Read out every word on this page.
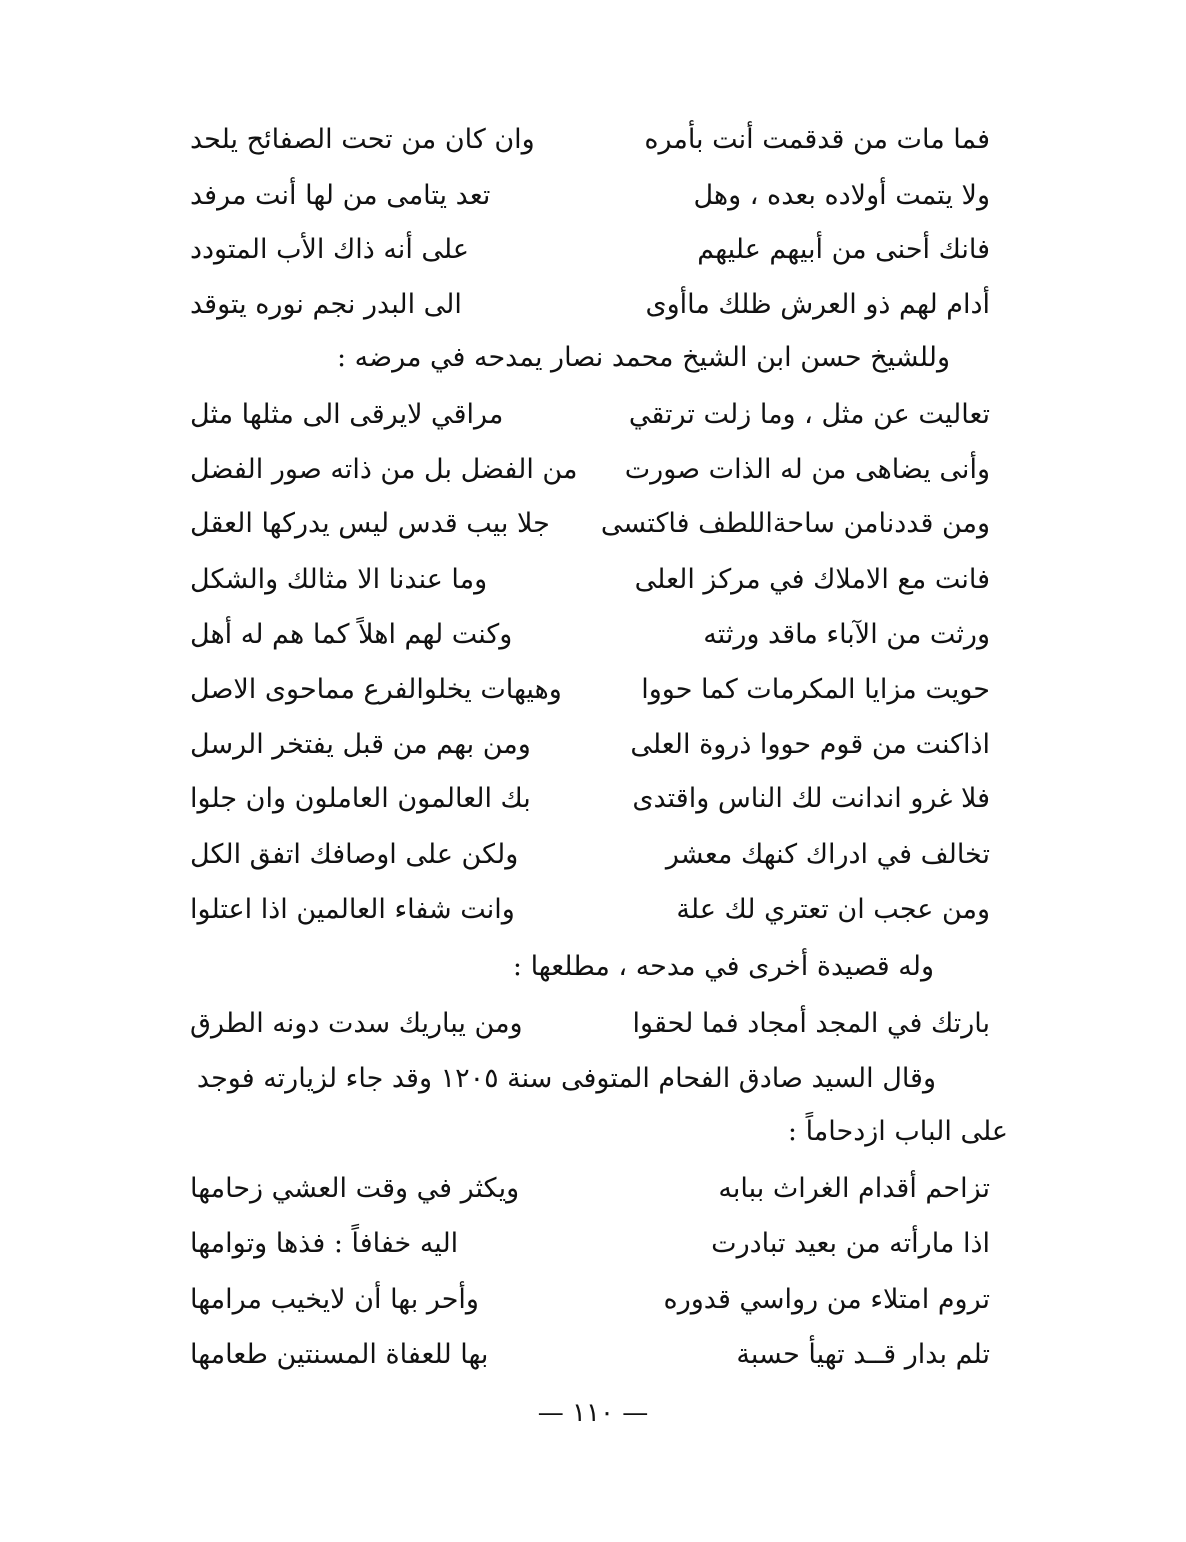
فما مات من قدقمت أنت بأمره
وان كان من تحت الصفائح يلحد
ولا يتمت أولاده بعده ، وهل
تعد يتامى من لها أنت مرفد
فانك أحنى من أبيهم عليهم
على أنه ذاك الأب المتودد
أدام لهم ذو العرش ظلك ماأوى
الى البدر نجم نوره يتوقد
وللشيخ حسن ابن الشيخ محمد نصار يمدحه في مرضه :
تعاليت عن مثل ، وما زلت ترتقي
مراقي لايرقى الى مثلها مثل
وأنى يضاهى من له الذات صورت
من الفضل بل من ذاته صور الفضل
ومن قددنامن ساحةاللطف فاكتسى
جلا بيب قدس ليس يدركها العقل
فانت مع الاملاك في مركز العلى
وما عندنا الا مثالك والشكل
ورثت من الآباء ماقد ورثته
وكنت لهم اهلاً كما هم له أهل
حويت مزايا المكرمات كما حووا
وهيهات يخلوالفرع مماحوى الاصل
اذاكنت من قوم حووا ذروة العلى
ومن بهم من قبل يفتخر الرسل
فلا غرو اندانت لك الناس واقتدى
بك العالمون العاملون وان جلوا
تخالف في ادراك كنهك معشر
ولكن على اوصافك اتفق الكل
ومن عجب ان تعتري لك علة
وانت شفاء العالمين اذا اعتلوا
وله قصيدة أخرى في مدحه ، مطلعها :
بارتك في المجد أمجاد فما لحقوا
ومن يباريك سدت دونه الطرق
وقال السيد صادق الفحام المتوفى سنة ١٢٠٥ وقد جاء لزيارته فوجد
على الباب ازدحاماً :
تزاحم أقدام الغراث ببابه
ويكثر في وقت العشي زحامها
اذا مارأته من بعيد تبادرت
اليه خفافاً : فذها وتوامها
تروم امتلاء من رواسي قدوره
وأحر بها أن لايخيب مرامها
تلم بدار قــد تهيأ حسبة
بها للعفاة المسنتين طعامها
— ١١٠ —
